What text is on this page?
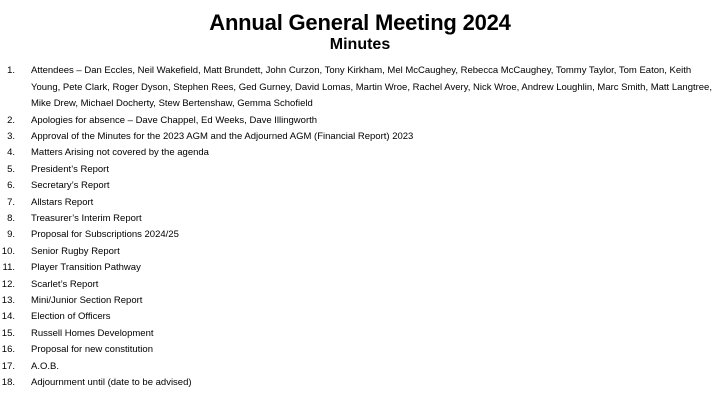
Annual General Meeting 2024
Minutes
1.	Attendees – Dan Eccles, Neil Wakefield, Matt Brundett, John Curzon, Tony Kirkham, Mel McCaughey, Rebecca McCaughey, Tommy Taylor, Tom Eaton, Keith Young, Pete Clark, Roger Dyson, Stephen Rees, Ged Gurney, David Lomas, Martin Wroe, Rachel Avery, Nick Wroe, Andrew Loughlin, Marc Smith, Matt Langtree, Mike Drew, Michael Docherty, Stew Bertenshaw, Gemma Schofield
2.	Apologies for absence – Dave Chappel, Ed Weeks, Dave Illingworth
3.	Approval of the Minutes for the 2023 AGM and the Adjourned AGM (Financial Report) 2023
4.	Matters Arising not covered by the agenda
5.	President’s Report
6.	Secretary’s Report
7.	Allstars Report
8.	Treasurer’s Interim Report
9.	Proposal for Subscriptions 2024/25
10.	Senior Rugby Report
11.	Player Transition Pathway
12.	Scarlet’s Report
13.	Mini/Junior Section Report
14.	Election of Officers
15.	Russell Homes Development
16.	Proposal for new constitution
17.	A.O.B.
18.	Adjournment until (date to be advised)
